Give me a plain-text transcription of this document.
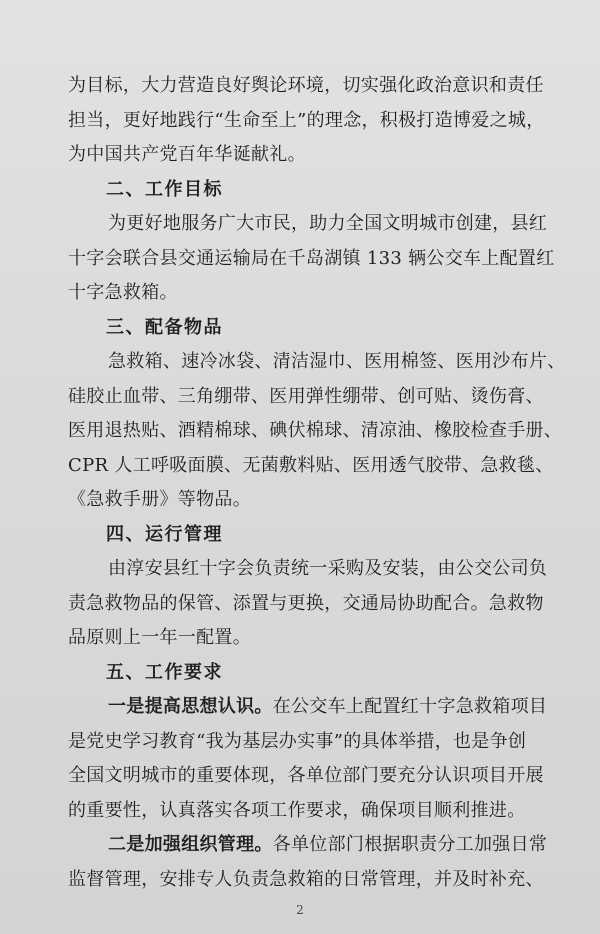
为目标，大力营造良好舆论环境，切实强化政治意识和责任
担当，更好地践行“生命至上”的理念，积极打造博爱之城，
为中国共产党百年华诞献礼。
二、工作目标
为更好地服务广大市民，助力全国文明城市创建，县红
十字会联合县交通运输局在千岛湖镇 133 辆公交车上配置红
十字急救箱。
三、配备物品
急救箱、速冷冰袋、清洁湿巾、医用棉签、医用沙布片、
硅胶止血带、三角绷带、医用弹性绷带、创可贴、烫伤膏、
医用退热贴、酒精棉球、碘伏棉球、清凉油、橡胶检查手册、
CPR 人工呼吸面膜、无菌敷料贴、医用透气胶带、急救毯、
《急救手册》等物品。
四、运行管理
由淳安县红十字会负责统一采购及安装，由公交公司负
责急救物品的保管、添置与更换，交通局协助配合。急救物
品原则上一年一配置。
五、工作要求
一是提高思想认识。在公交车上配置红十字急救箱项目
是党史学习教育“我为基层办实事”的具体举措，也是争创
全国文明城市的重要体现，各单位部门要充分认识项目开展
的重要性，认真落实各项工作要求，确保项目顺利推进。
2
二是加强组织管理。各单位部门根据职责分工加强日常
监督管理，安排专人负责急救箱的日常管理，并及时补充、
